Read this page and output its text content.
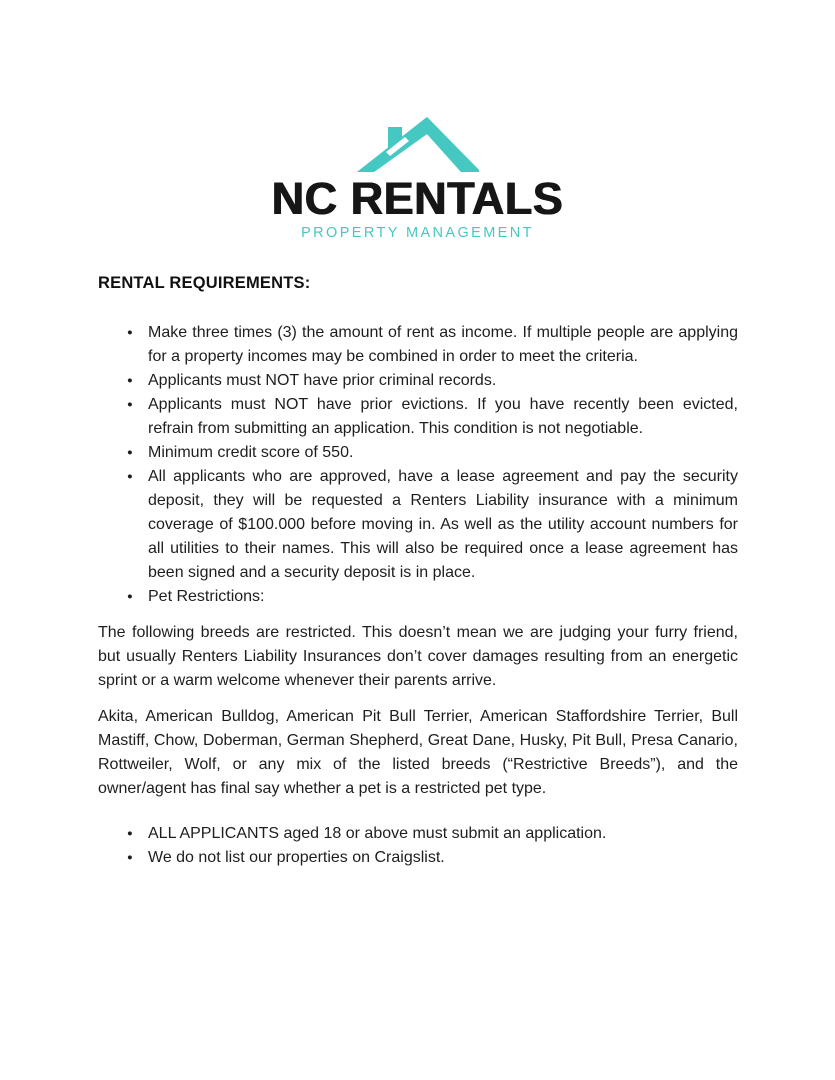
NC RENTALS
PROPERTY MANAGEMENT
RENTAL REQUIREMENTS:
● Make three times (3) the amount of rent as income. If multiple people are applying for a property incomes may be combined in order to meet the criteria.
● Applicants must NOT have prior criminal records.
● Applicants must NOT have prior evictions. If you have recently been evicted, refrain from submitting an application. This condition is not negotiable.
● Minimum credit score of 550.
● All applicants who are approved, have a lease agreement and pay the security deposit, they will be requested a Renters Liability insurance with a minimum coverage of $100.000 before moving in. As well as the utility account numbers for all utilities to their names. This will also be required once a lease agreement has been signed and a security deposit is in place.
● Pet Restrictions:

The following breeds are restricted. This doesn’t mean we are judging your furry friend, but usually Renters Liability Insurances don’t cover damages resulting from an energetic sprint or a warm welcome whenever their parents arrive.

Akita, American Bulldog, American Pit Bull Terrier, American Staffordshire Terrier, Bull Mastiff, Chow, Doberman, German Shepherd, Great Dane, Husky, Pit Bull, Presa Canario, Rottweiler, Wolf, or any mix of the listed breeds (“Restrictive Breeds”), and the owner/agent has final say whether a pet is a restricted pet type.

● ALL APPLICANTS aged 18 or above must submit an application.
● We do not list our properties on Craigslist.
